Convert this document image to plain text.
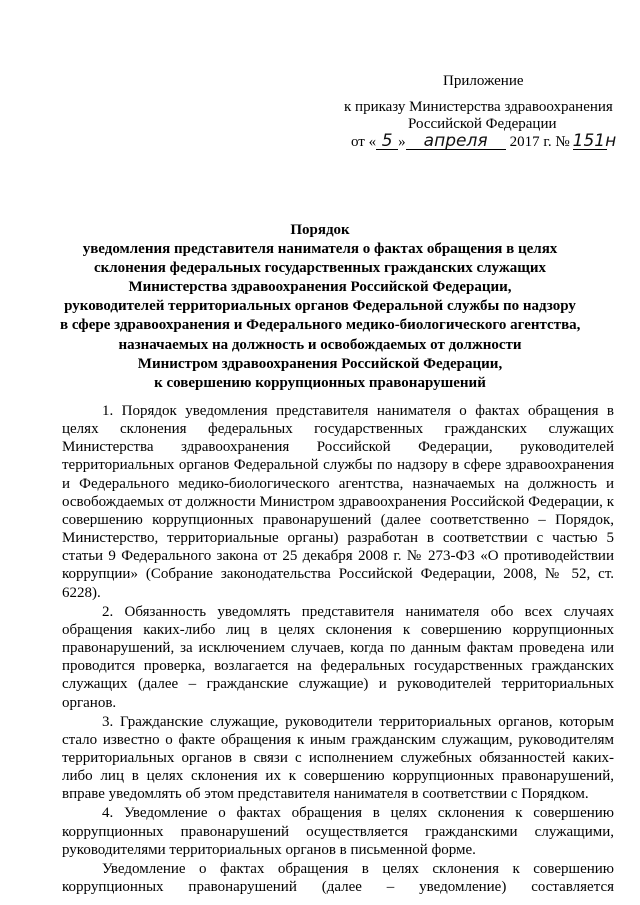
Приложение
к приказу Министерства здравоохранения
Российской Федерации
от « 5 »	апреля	2017 г. № 151н
Порядок
уведомления представителя нанимателя о фактах обращения в целях
склонения федеральных государственных гражданских служащих
Министерства здравоохранения Российской Федерации,
руководителей территориальных органов Федеральной службы по надзору
в сфере здравоохранения и Федерального медико-биологического агентства,
назначаемых на должность и освобождаемых от должности
Министром здравоохранения Российской Федерации,
к совершению коррупционных правонарушений

1. Порядок уведомления представителя нанимателя о фактах обращения в целях склонения федеральных государственных гражданских служащих Министерства здравоохранения Российской Федерации, руководителей территориальных органов Федеральной службы по надзору в сфере здравоохранения и Федерального медико-биологического агентства, назначаемых на должность и освобождаемых от должности Министром здравоохранения Российской Федерации, к совершению коррупционных правонарушений (далее соответственно – Порядок, Министерство, территориальные органы) разработан в соответствии с частью 5 статьи 9 Федерального закона от 25 декабря 2008 г. № 273-ФЗ «О противодействии коррупции» (Собрание законодательства Российской Федерации, 2008, № 52, ст. 6228).

2. Обязанность уведомлять представителя нанимателя обо всех случаях обращения каких-либо лиц в целях склонения к совершению коррупционных правонарушений, за исключением случаев, когда по данным фактам проведена или проводится проверка, возлагается на федеральных государственных гражданских служащих (далее – гражданские служащие) и руководителей территориальных органов.

3. Гражданские служащие, руководители территориальных органов, которым стало известно о факте обращения к иным гражданским служащим, руководителям территориальных органов в связи с исполнением служебных обязанностей каких-либо лиц в целях склонения их к совершению коррупционных правонарушений, вправе уведомлять об этом представителя нанимателя в соответствии с Порядком.

4. Уведомление о фактах обращения в целях склонения к совершению коррупционных правонарушений осуществляется гражданскими служащими, руководителями территориальных органов в письменной форме.

Уведомление о фактах обращения в целях склонения к совершению коррупционных правонарушений (далее – уведомление) составляется
